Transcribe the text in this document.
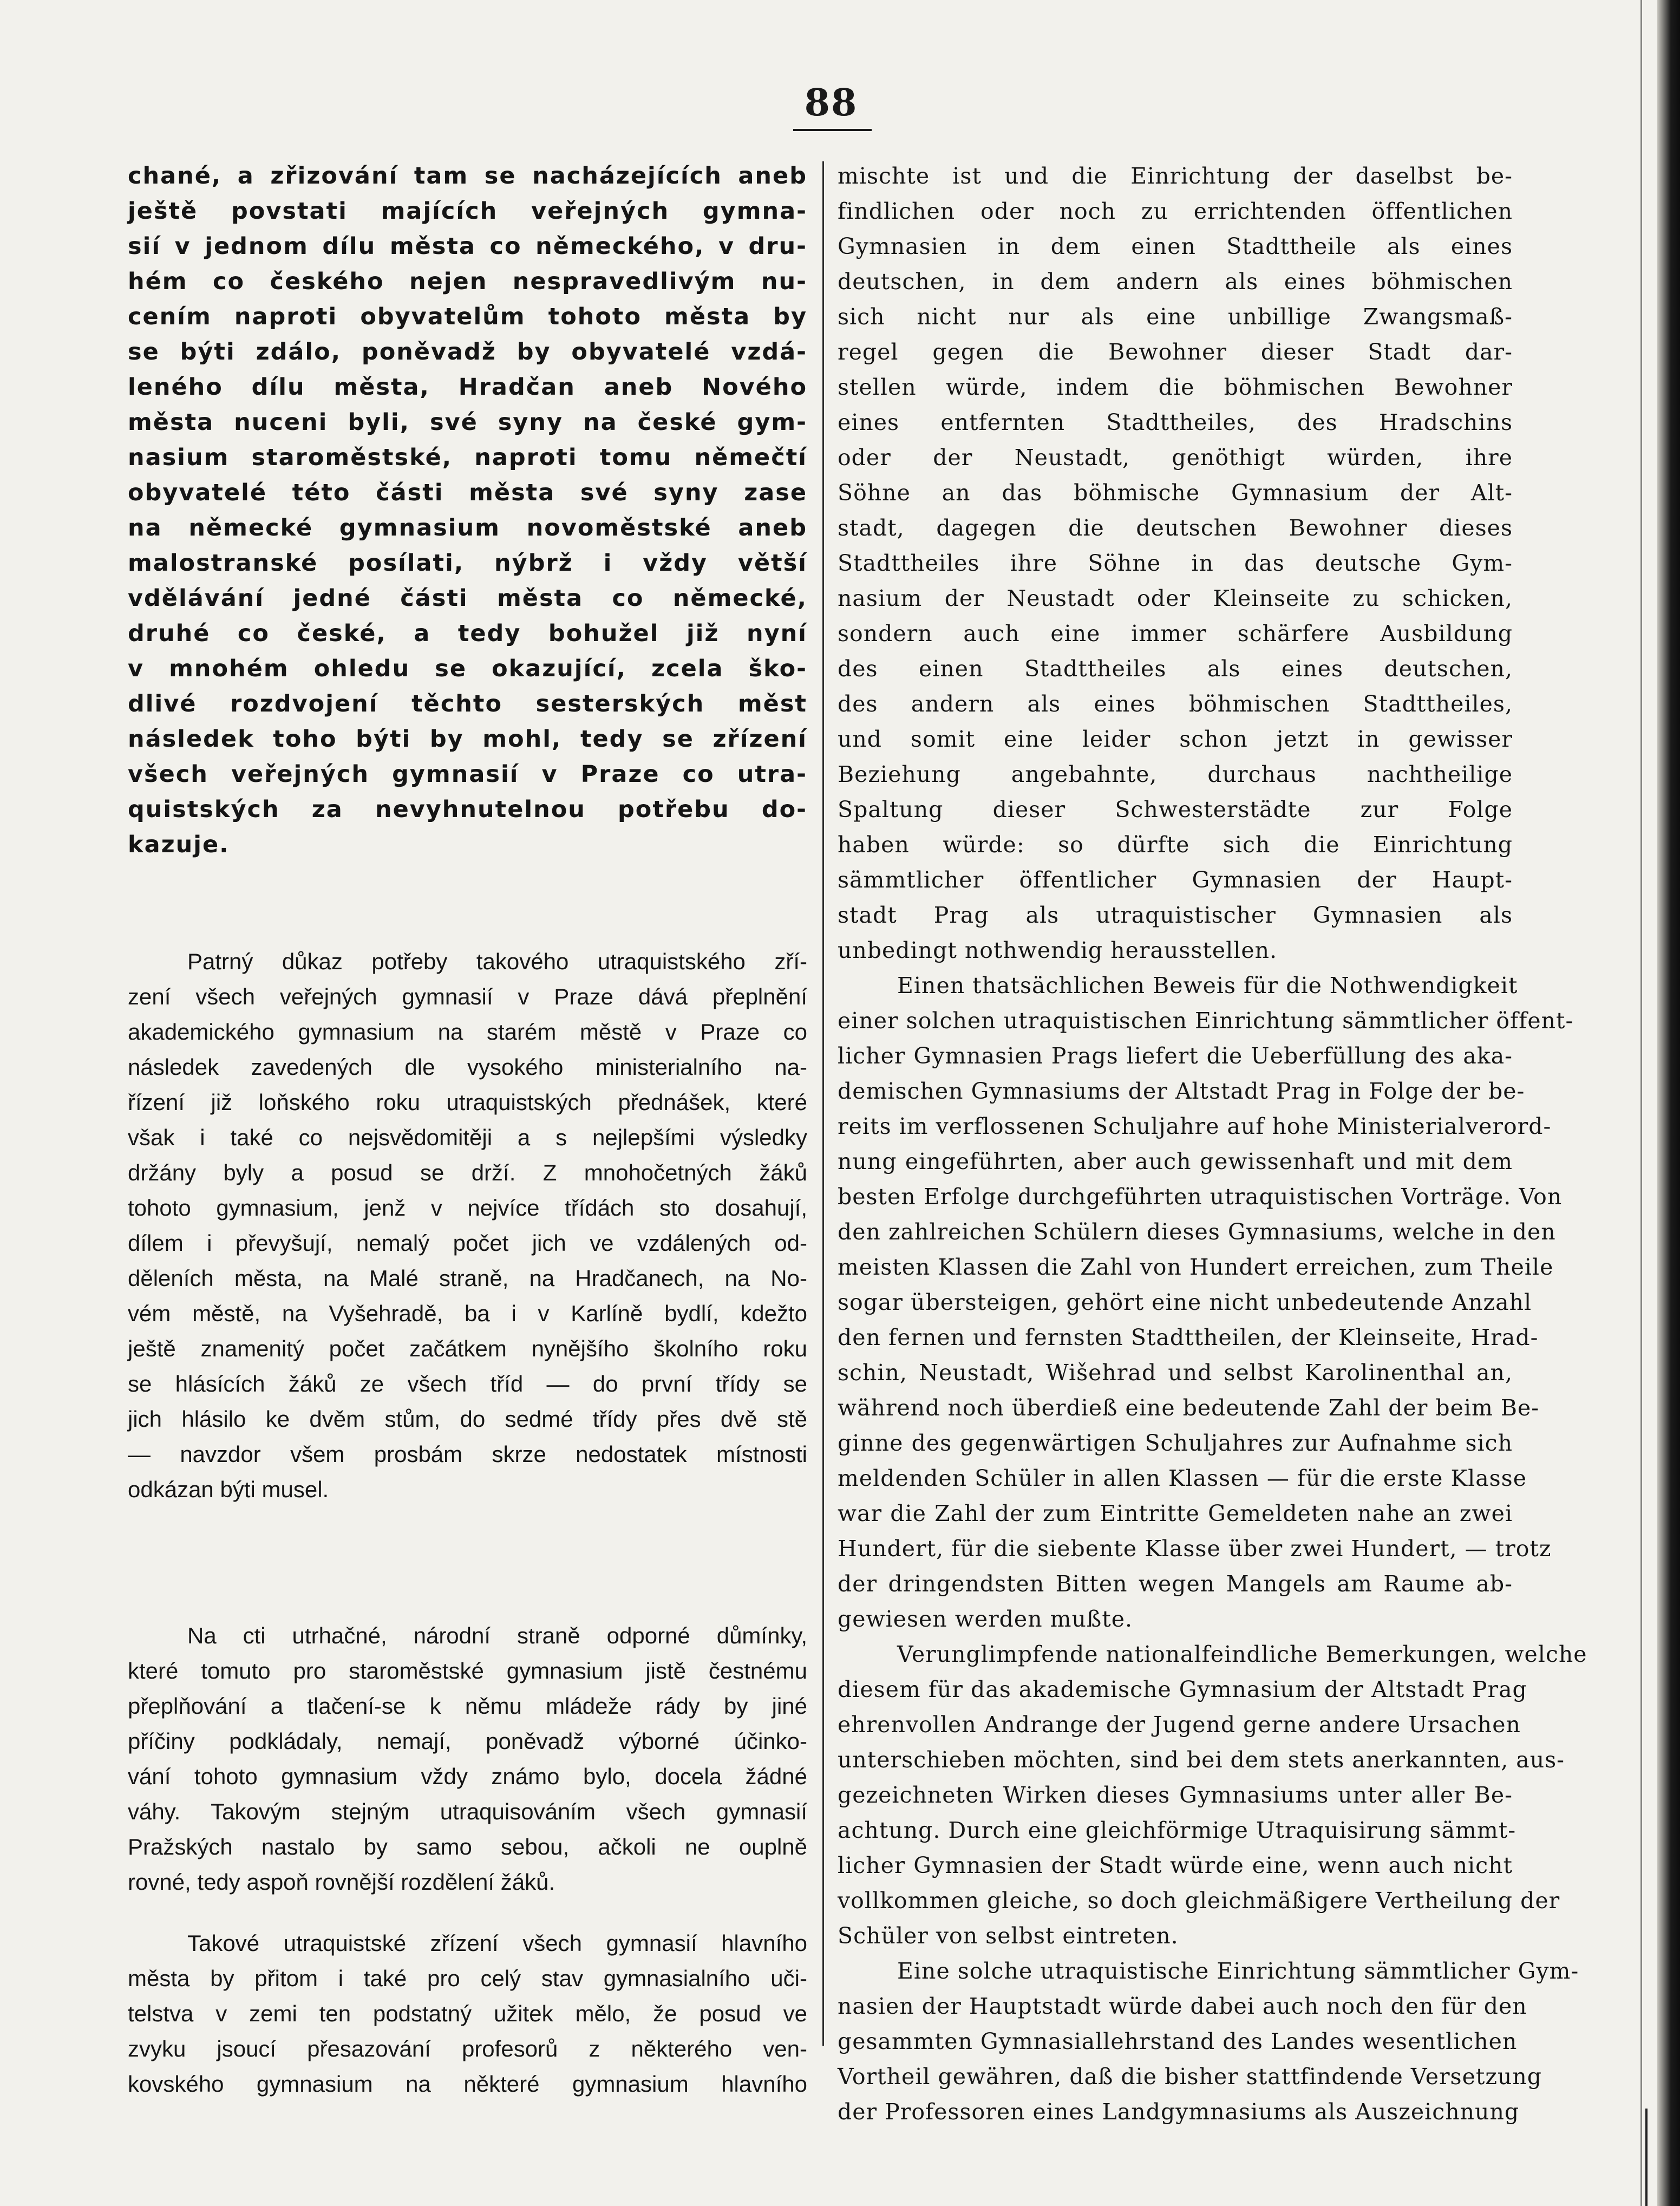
88
chané, a zřizování tam se nacházejících aneb
ještě povstati majících veřejných gymna-
sií v jednom dílu města co německého, v dru-
hém co českého nejen nespravedlivým nu-
cením naproti obyvatelům tohoto města by
se býti zdálo, poněvadž by obyvatelé vzdá-
leného dílu města, Hradčan aneb Nového
města nuceni byli, své syny na české gym-
nasium staroměstské, naproti tomu němečtí
obyvatelé této části města své syny zase
na německé gymnasium novoměstské aneb
malostranské posílati, nýbrž i vždy větší
vdělávání jedné části města co německé,
druhé co české, a tedy bohužel již nyní
v mnohém ohledu se okazující, zcela ško-
dlivé rozdvojení těchto sesterských měst
následek toho býti by mohl, tedy se zřízení
všech veřejných gymnasií v Praze co utra-
quistských za nevyhnutelnou potřebu do-
kazuje.
Patrný důkaz potřeby takového utraquistského zří-
zení všech veřejných gymnasií v Praze dává přeplnění
akademického gymnasium na starém městě v Praze co
následek zavedených dle vysokého ministerialního na-
řízení již loňského roku utraquistských přednášek, které
však i také co nejsvědomitěji a s nejlepšími výsledky
držány byly a posud se drží. Z mnohočetných žáků
tohoto gymnasium, jenž v nejvíce třídách sto dosahují,
dílem i převyšují, nemalý počet jich ve vzdálených od-
děleních města, na Malé straně, na Hradčanech, na No-
vém městě, na Vyšehradě, ba i v Karlíně bydlí, kdežto
ještě znamenitý počet začátkem nynějšího školního roku
se hlásících žáků ze všech tříd — do první třídy se
jich hlásilo ke dvěm stům, do sedmé třídy přes dvě stě
— navzdor všem prosbám skrze nedostatek místnosti
odkázan býti musel.
Na cti utrhačné, národní straně odporné důmínky,
které tomuto pro staroměstské gymnasium jistě čestnému
přeplňování a tlačení-se k němu mládeže rády by jiné
příčiny podkládaly, nemají, poněvadž výborné účinko-
vání tohoto gymnasium vždy známo bylo, docela žádné
váhy. Takovým stejným utraquisováním všech gymnasií
Pražských nastalo by samo sebou, ačkoli ne ouplně
rovné, tedy aspoň rovnější rozdělení žáků.
Takové utraquistské zřízení všech gymnasií hlavního
města by přitom i také pro celý stav gymnasialního uči-
telstva v zemi ten podstatný užitek mělo, že posud ve
zvyku jsoucí přesazování profesorů z některého ven-
kovského gymnasium na některé gymnasium hlavního
mischte ist und die Einrichtung der daselbst be-
findlichen oder noch zu errichtenden öffentlichen
Gymnasien in dem einen Stadttheile als eines
deutschen, in dem andern als eines böhmischen
sich nicht nur als eine unbillige Zwangsmaß-
regel gegen die Bewohner dieser Stadt dar-
stellen würde, indem die böhmischen Bewohner
eines entfernten Stadttheiles, des Hradschins
oder der Neustadt, genöthigt würden, ihre
Söhne an das böhmische Gymnasium der Alt-
stadt, dagegen die deutschen Bewohner dieses
Stadttheiles ihre Söhne in das deutsche Gym-
nasium der Neustadt oder Kleinseite zu schicken,
sondern auch eine immer schärfere Ausbildung
des einen Stadttheiles als eines deutschen,
des andern als eines böhmischen Stadttheiles,
und somit eine leider schon jetzt in gewisser
Beziehung angebahnte, durchaus nachtheilige
Spaltung dieser Schwesterstädte zur Folge
haben würde: so dürfte sich die Einrichtung
sämmtlicher öffentlicher Gymnasien der Haupt-
stadt Prag als utraquistischer Gymnasien als
unbedingt nothwendig herausstellen.
Einen thatsächlichen Beweis für die Nothwendigkeit
einer solchen utraquistischen Einrichtung sämmtlicher öffent-
licher Gymnasien Prags liefert die Ueberfüllung des aka-
demischen Gymnasiums der Altstadt Prag in Folge der be-
reits im verflossenen Schuljahre auf hohe Ministerialverord-
nung eingeführten, aber auch gewissenhaft und mit dem
besten Erfolge durchgeführten utraquistischen Vorträge. Von
den zahlreichen Schülern dieses Gymnasiums, welche in den
meisten Klassen die Zahl von Hundert erreichen, zum Theile
sogar übersteigen, gehört eine nicht unbedeutende Anzahl
den fernen und fernsten Stadttheilen, der Kleinseite, Hrad-
schin, Neustadt, Wišehrad und selbst Karolinenthal an,
während noch überdieß eine bedeutende Zahl der beim Be-
ginne des gegenwärtigen Schuljahres zur Aufnahme sich
meldenden Schüler in allen Klassen — für die erste Klasse
war die Zahl der zum Eintritte Gemeldeten nahe an zwei
Hundert, für die siebente Klasse über zwei Hundert, — trotz
der dringendsten Bitten wegen Mangels am Raume ab-
gewiesen werden mußte.
Verunglimpfende nationalfeindliche Bemerkungen, welche
diesem für das akademische Gymnasium der Altstadt Prag
ehrenvollen Andrange der Jugend gerne andere Ursachen
unterschieben möchten, sind bei dem stets anerkannten, aus-
gezeichneten Wirken dieses Gymnasiums unter aller Be-
achtung. Durch eine gleichförmige Utraquisirung sämmt-
licher Gymnasien der Stadt würde eine, wenn auch nicht
vollkommen gleiche, so doch gleichmäßigere Vertheilung der
Schüler von selbst eintreten.
Eine solche utraquistische Einrichtung sämmtlicher Gym-
nasien der Hauptstadt würde dabei auch noch den für den
gesammten Gymnasiallehrstand des Landes wesentlichen
Vortheil gewähren, daß die bisher stattfindende Versetzung
der Professoren eines Landgymnasiums als Auszeichnung
